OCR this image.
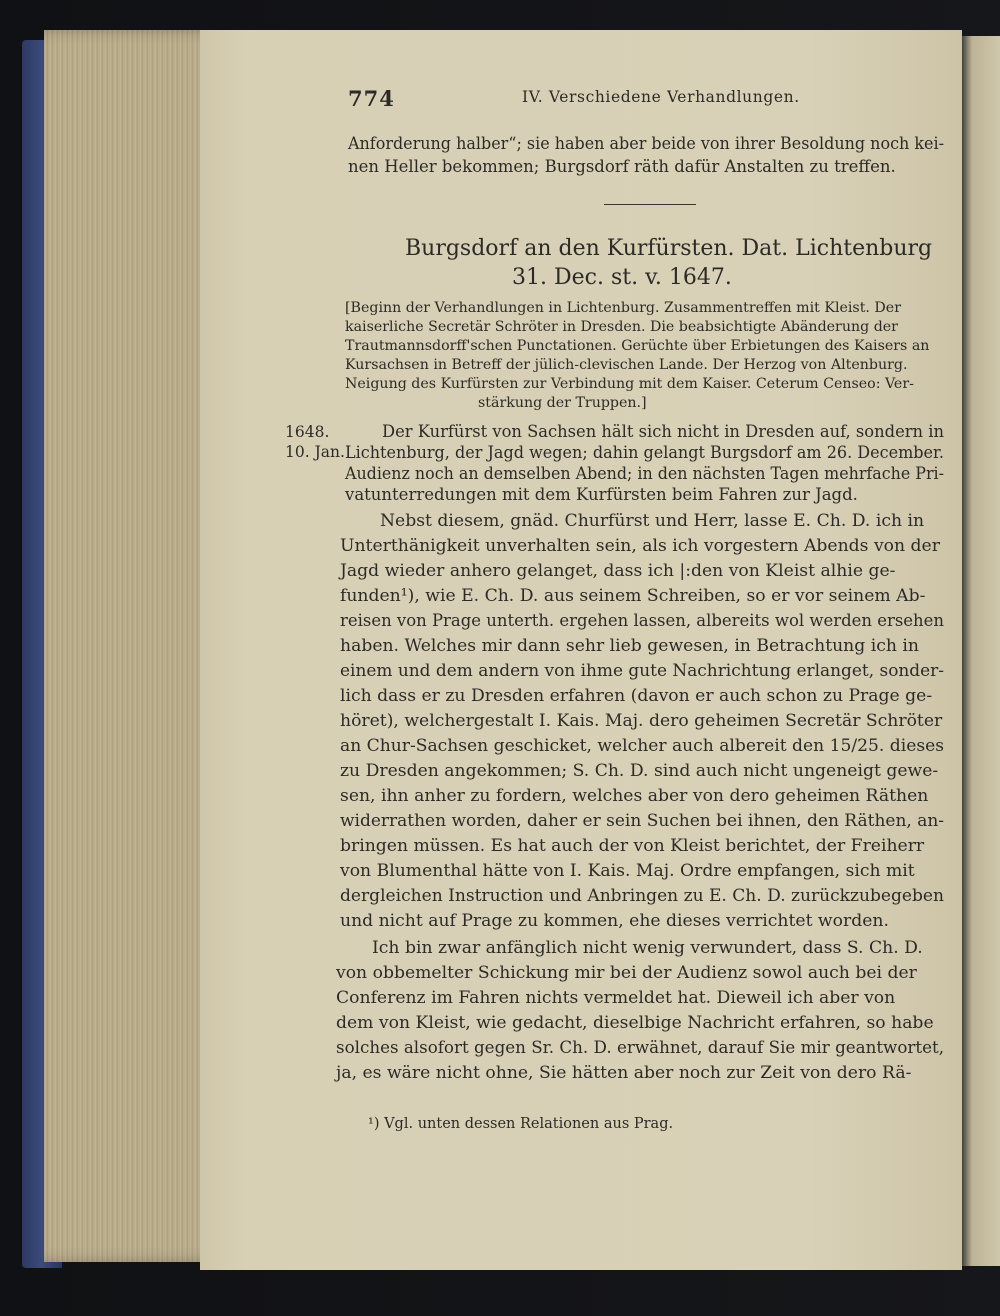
774	IV. Verschiedene Verhandlungen.
Anforderung halber“; sie haben aber beide von ihrer Besoldung noch kei-
nen Heller bekommen; Burgsdorf räth dafür Anstalten zu treffen.
Burgsdorf an den Kurfürsten. Dat. Lichtenburg
31. Dec. st. v. 1647.
[Beginn der Verhandlungen in Lichtenburg. Zusammentreffen mit Kleist. Der
kaiserliche Secretär Schröter in Dresden. Die beabsichtigte Abänderung der
Trautmannsdorff'schen Punctationen. Gerüchte über Erbietungen des Kaisers an
Kursachsen in Betreff der jülich-clevischen Lande. Der Herzog von Altenburg.
Neigung des Kurfürsten zur Verbindung mit dem Kaiser. Ceterum Censeo: Ver-
stärkung der Truppen.]
1648.
10. Jan.
Der Kurfürst von Sachsen hält sich nicht in Dresden auf, sondern in
Lichtenburg, der Jagd wegen; dahin gelangt Burgsdorf am 26. December.
Audienz noch an demselben Abend; in den nächsten Tagen mehrfache Pri-
vatunterredungen mit dem Kurfürsten beim Fahren zur Jagd.
Nebst diesem, gnäd. Churfürst und Herr, lasse E. Ch. D. ich in
Unterthänigkeit unverhalten sein, als ich vorgestern Abends von der
Jagd wieder anhero gelanget, dass ich |:den von Kleist alhie ge-
funden¹), wie E. Ch. D. aus seinem Schreiben, so er vor seinem Ab-
reisen von Prage unterth. ergehen lassen, albereits wol werden ersehen
haben. Welches mir dann sehr lieb gewesen, in Betrachtung ich in
einem und dem andern von ihme gute Nachrichtung erlanget, sonder-
lich dass er zu Dresden erfahren (davon er auch schon zu Prage ge-
höret), welchergestalt I. Kais. Maj. dero geheimen Secretär Schröter
an Chur-Sachsen geschicket, welcher auch albereit den 15/25. dieses
zu Dresden angekommen; S. Ch. D. sind auch nicht ungeneigt gewe-
sen, ihn anher zu fordern, welches aber von dero geheimen Räthen
widerrathen worden, daher er sein Suchen bei ihnen, den Räthen, an-
bringen müssen. Es hat auch der von Kleist berichtet, der Freiherr
von Blumenthal hätte von I. Kais. Maj. Ordre empfangen, sich mit
dergleichen Instruction und Anbringen zu E. Ch. D. zurückzubegeben
und nicht auf Prage zu kommen, ehe dieses verrichtet worden.
Ich bin zwar anfänglich nicht wenig verwundert, dass S. Ch. D.
von obbemelter Schickung mir bei der Audienz sowol auch bei der
Conferenz im Fahren nichts vermeldet hat. Dieweil ich aber von
dem von Kleist, wie gedacht, dieselbige Nachricht erfahren, so habe
solches alsofort gegen Sr. Ch. D. erwähnet, darauf Sie mir geantwortet,
ja, es wäre nicht ohne, Sie hätten aber noch zur Zeit von dero Rä-
¹) Vgl. unten dessen Relationen aus Prag.
